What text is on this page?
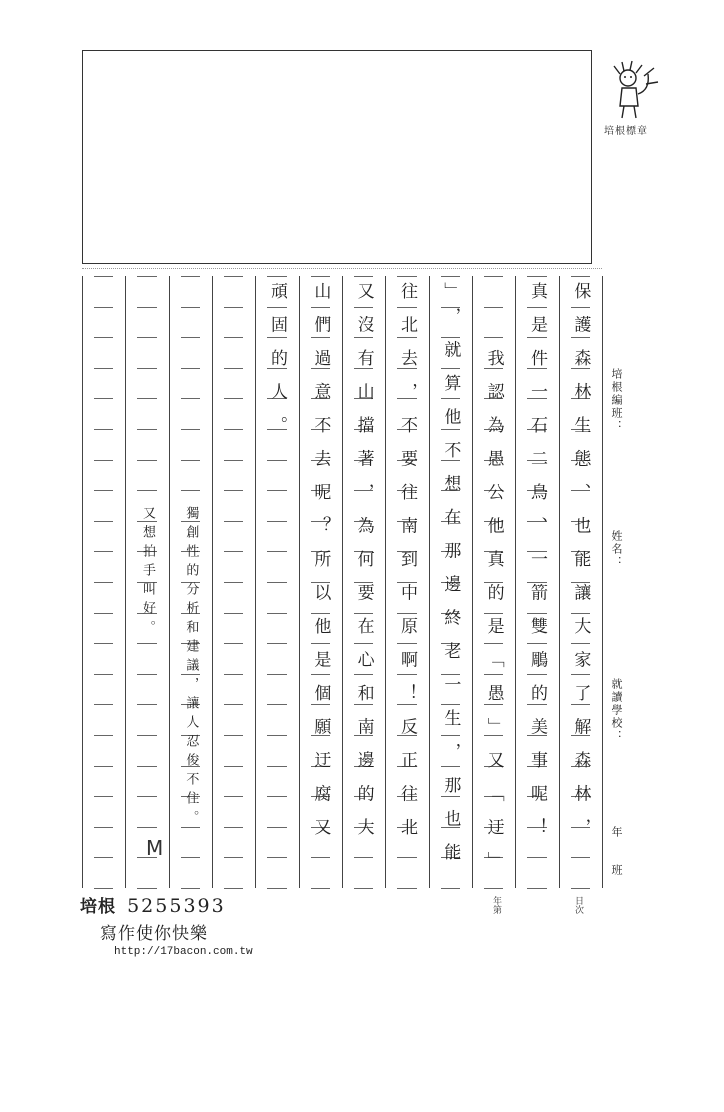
培根標章
保護森林生態、也能讓大家了解森林，
真是件一石二鳥、一箭雙鵰的美事呢！
　　我認為愚公他真的是「愚」又「迂」
」，就算他不想在那邊終老一生，那也能
往北去，不要往南到中原啊！反正往北
又沒有山擋著，為何要在心和南邊的大
山們過意不去呢？所以他是個願迂腐又
頑固的人。
獨創性的分析和建議，讓人忍俊不住。
又想拍手叫好。
培根編班：
姓名：
就讀學校：
年　班
M
年第	日次
培根 5255393
寫作使你快樂
http://17bacon.com.tw
